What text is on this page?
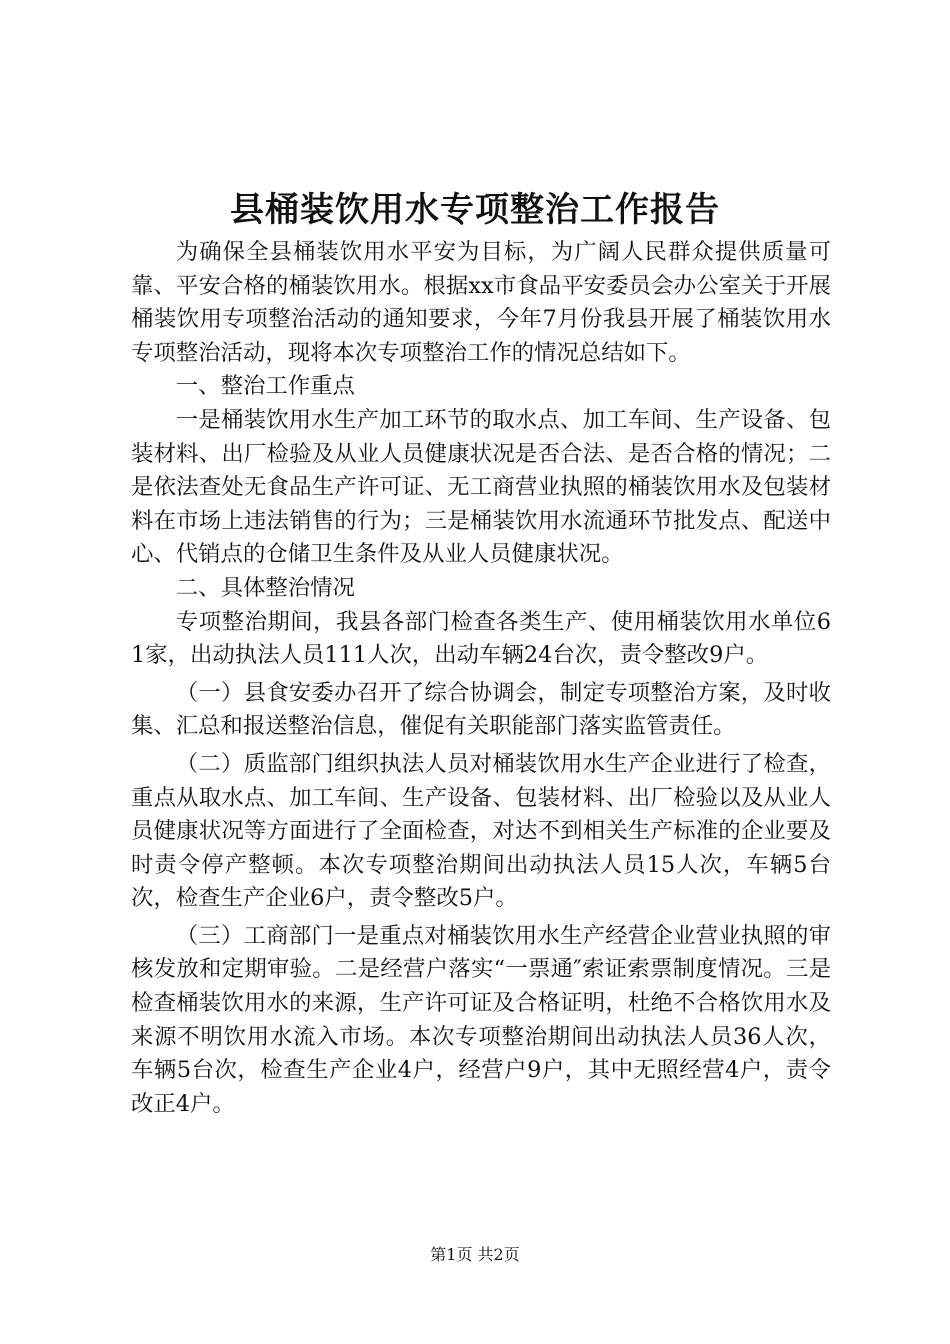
县桶装饮用水专项整治工作报告

为确保全县桶装饮用水平安为目标，为广阔人民群众提供质量可靠、平安合格的桶装饮用水。根据xx市食品平安委员会办公室关于开展桶装饮用专项整治活动的通知要求，今年7月份我县开展了桶装饮用水专项整治活动，现将本次专项整治工作的情况总结如下。

一、整治工作重点

一是桶装饮用水生产加工环节的取水点、加工车间、生产设备、包装材料、出厂检验及从业人员健康状况是否合法、是否合格的情况；二是依法查处无食品生产许可证、无工商营业执照的桶装饮用水及包装材料在市场上违法销售的行为；三是桶装饮用水流通环节批发点、配送中心、代销点的仓储卫生条件及从业人员健康状况。

二、具体整治情况

专项整治期间，我县各部门检查各类生产、使用桶装饮用水单位61家，出动执法人员111人次，出动车辆24台次，责令整改9户。

（一）县食安委办召开了综合协调会，制定专项整治方案，及时收集、汇总和报送整治信息，催促有关职能部门落实监管责任。

（二）质监部门组织执法人员对桶装饮用水生产企业进行了检查，重点从取水点、加工车间、生产设备、包装材料、出厂检验以及从业人员健康状况等方面进行了全面检查，对达不到相关生产标准的企业要及时责令停产整顿。本次专项整治期间出动执法人员15人次，车辆5台次，检查生产企业6户，责令整改5户。

（三）工商部门一是重点对桶装饮用水生产经营企业营业执照的审核发放和定期审验。二是经营户落实“一票通″索证索票制度情况。三是检查桶装饮用水的来源，生产许可证及合格证明，杜绝不合格饮用水及来源不明饮用水流入市场。本次专项整治期间出动执法人员36人次，车辆5台次，检查生产企业4户，经营户9户，其中无照经营4户，责令改正4户。

第1页 共2页
